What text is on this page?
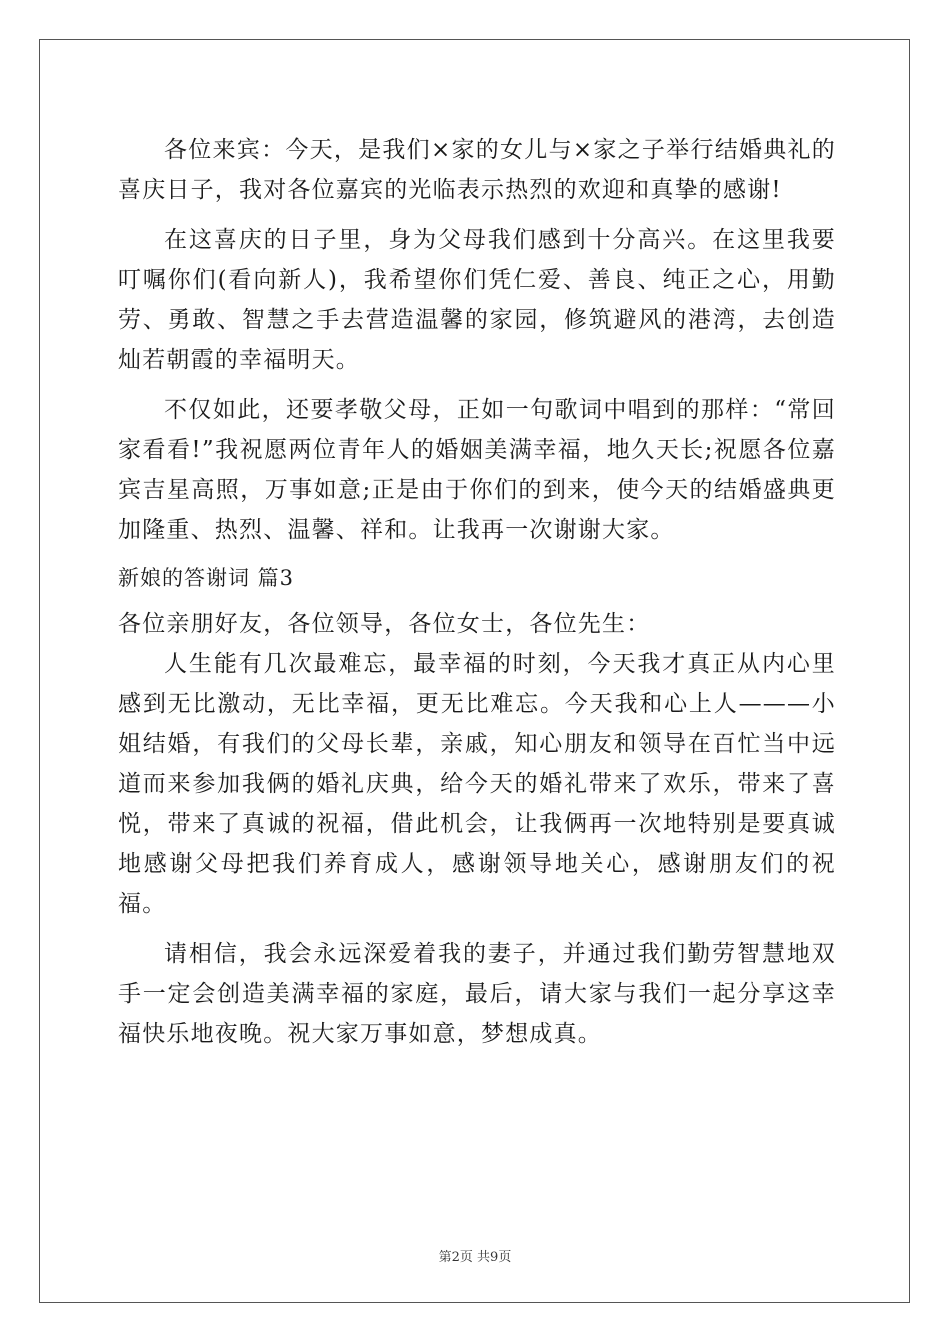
各位来宾：今天，是我们×家的女儿与×家之子举行结婚典礼的喜庆日子，我对各位嘉宾的光临表示热烈的欢迎和真挚的感谢!

在这喜庆的日子里，身为父母我们感到十分高兴。在这里我要叮嘱你们(看向新人)，我希望你们凭仁爱、善良、纯正之心，用勤劳、勇敢、智慧之手去营造温馨的家园，修筑避风的港湾，去创造灿若朝霞的幸福明天。

不仅如此，还要孝敬父母，正如一句歌词中唱到的那样：“常回家看看!”我祝愿两位青年人的婚姻美满幸福，地久天长;祝愿各位嘉宾吉星高照，万事如意;正是由于你们的到来，使今天的结婚盛典更加隆重、热烈、温馨、祥和。让我再一次谢谢大家。

新娘的答谢词 篇3

各位亲朋好友，各位领导，各位女士，各位先生：

人生能有几次最难忘，最幸福的时刻，今天我才真正从内心里感到无比激动，无比幸福，更无比难忘。今天我和心上人———小姐结婚，有我们的父母长辈，亲戚，知心朋友和领导在百忙当中远道而来参加我俩的婚礼庆典，给今天的婚礼带来了欢乐，带来了喜悦，带来了真诚的祝福，借此机会，让我俩再一次地特别是要真诚地感谢父母把我们养育成人，感谢领导地关心，感谢朋友们的祝福。

请相信，我会永远深爱着我的妻子，并通过我们勤劳智慧地双手一定会创造美满幸福的家庭，最后，请大家与我们一起分享这幸福快乐地夜晚。祝大家万事如意，梦想成真。

第2页 共9页
